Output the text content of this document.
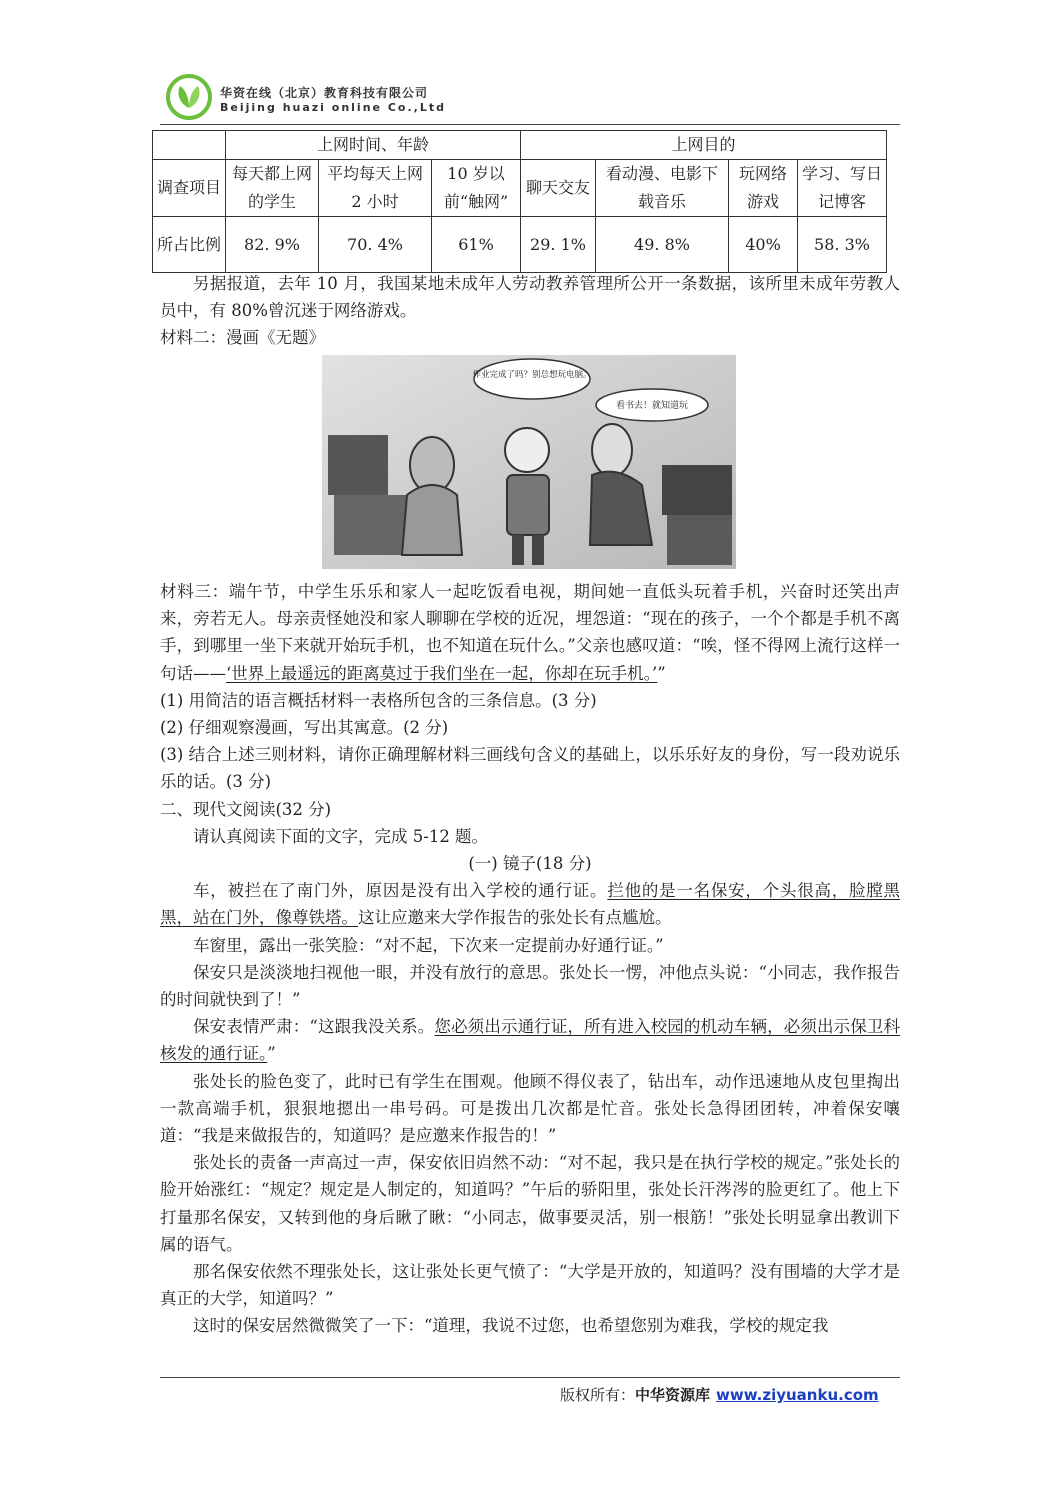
华资在线（北京）教育科技有限公司
Beijing huazi online Co.,Ltd
	上网时间、年龄			上网目的			
调查项目	每天都上网的学生	平均每天上网2 小时	10 岁以前“触网”	聊天交友	看动漫、电影下载音乐	玩网络游戏	学习、写日记博客
所占比例	82. 9%	70. 4%	61%	29. 1%	49. 8%	40%	58. 3%

另据报道，去年 10 月，我国某地未成年人劳动教养管理所公开一条数据，该所里未成年劳教人员中，有 80%曾沉迷于网络游戏。

材料二：漫画《无题》

作业完成了吗？别总想玩电脑。
看书去！就知道玩

材料三：端午节，中学生乐乐和家人一起吃饭看电视，期间她一直低头玩着手机，兴奋时还笑出声来，旁若无人。母亲责怪她没和家人聊聊在学校的近况，埋怨道：“现在的孩子，一个个都是手机不离手，到哪里一坐下来就开始玩手机，也不知道在玩什么。”父亲也感叹道：“唉，怪不得网上流行这样一句话——‘世界上最遥远的距离莫过于我们坐在一起，你却在玩手机。’”

(1) 用简洁的语言概括材料一表格所包含的三条信息。(3 分)

(2) 仔细观察漫画，写出其寓意。(2 分)

(3) 结合上述三则材料，请你正确理解材料三画线句含义的基础上，以乐乐好友的身份，写一段劝说乐乐的话。(3 分)

二、现代文阅读(32 分)

请认真阅读下面的文字，完成 5-12 题。

(一) 镜子(18 分)

车，被拦在了南门外，原因是没有出入学校的通行证。拦他的是一名保安，个头很高，脸膛黑黑，站在门外，像尊铁塔。这让应邀来大学作报告的张处长有点尴尬。

车窗里，露出一张笑脸：“对不起，下次来一定提前办好通行证。”

保安只是淡淡地扫视他一眼，并没有放行的意思。张处长一愣，冲他点头说：“小同志，我作报告的时间就快到了！”

保安表情严肃：“这跟我没关系。您必须出示通行证，所有进入校园的机动车辆，必须出示保卫科核发的通行证。”

张处长的脸色变了，此时已有学生在围观。他顾不得仪表了，钻出车，动作迅速地从皮包里掏出一款高端手机，狠狠地摁出一串号码。可是拨出几次都是忙音。张处长急得团团转，冲着保安嚷道：“我是来做报告的，知道吗？是应邀来作报告的！”

张处长的责备一声高过一声，保安依旧岿然不动：“对不起，我只是在执行学校的规定。”张处长的脸开始涨红：“规定？规定是人制定的，知道吗？”午后的骄阳里，张处长汗涔涔的脸更红了。他上下打量那名保安，又转到他的身后瞅了瞅：“小同志，做事要灵活，别一根筋！”张处长明显拿出教训下属的语气。

那名保安依然不理张处长，这让张处长更气愤了：“大学是开放的，知道吗？没有围墙的大学才是真正的大学，知道吗？”

这时的保安居然微微笑了一下：“道理，我说不过您，也希望您别为难我，学校的规定我

版权所有：中华资源库 www.ziyuanku.com
